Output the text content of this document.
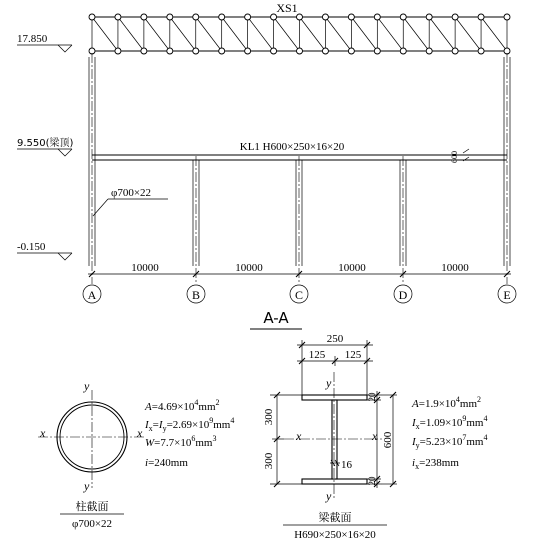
XS1
17.850
9.550(梁顶)
-0.150
KL1 H600×250×16×20
600
φ700×22
10000	10000	10000	10000
A	B	C	D	E
A-A
x	x
y
y
$A=4.69\times 10^4mm^2$
$I_x=I_y=2.69\times 10^9mm^4$
$W=7.7\times 10^6mm^3$
i=240mm
柱截面
φ700×22
250
125 125
x	x
y
y
300
300
20
20
600
16
$A=1.9\times 10^4mm^2$
$I_x=1.09\times 10^9mm^4$
$I_y=5.23\times 10^7mm^4$
$i_x=238mm$
梁截面
H690×250×16×20
